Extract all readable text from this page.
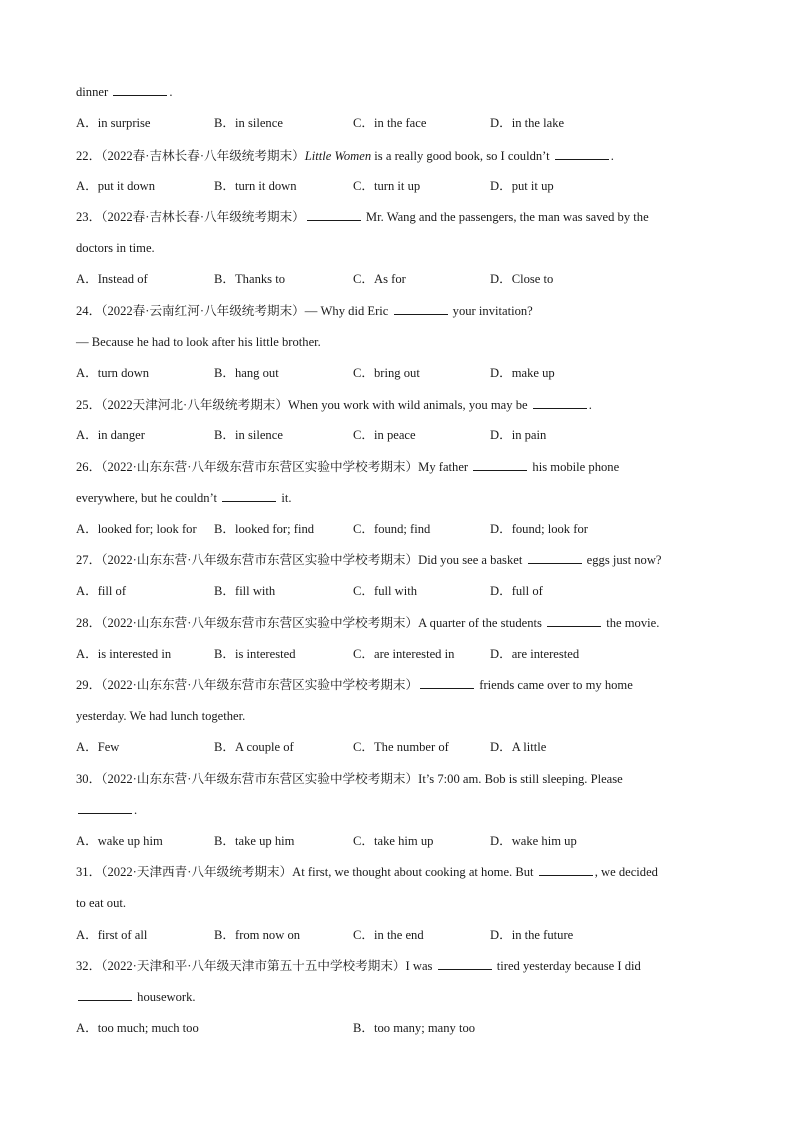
dinner	.
A．in surprise	B．in silence	C．in the face	D．in the lake
22．（2022春·吉林长春·八年级统考期末）Little Women is a really good book, so I couldn’t	.
A．put it down	B．turn it down	C．turn it up	D．put it up
23．（2022春·吉林长春·八年级统考期末）	Mr. Wang and the passengers, the man was saved by the
doctors in time.
A．Instead of	B．Thanks to	C．As for	D．Close to
24．（2022春·云南红河·八年级统考期末）— Why did Eric	your invitation?
— Because he had to look after his little brother.
A．turn down	B．hang out	C．bring out	D．make up
25．（2022天津河北·八年级统考期末）When you work with wild animals, you may be	.
A．in danger	B．in silence	C．in peace	D．in pain
26．（2022·山东东营·八年级东营市东营区实验中学校考期末）My father	his mobile phone
everywhere, but he couldn’t	it.
A．looked for; look for B．looked for; find	C．found; find	D．found; look for
27．（2022·山东东营·八年级东营市东营区实验中学校考期末）Did you see a basket	eggs just now?
A．fill of	B．fill with	C．full with	D．full of
28．（2022·山东东营·八年级东营市东营区实验中学校考期末）A quarter of the students	the movie.
A．is interested in	B．is interested	C．are interested in	D．are interested
29．（2022·山东东营·八年级东营市东营区实验中学校考期末）	friends came over to my home
yesterday. We had lunch together.
A．Few	B．A couple of	C．The number of	D．A little
30．（2022·山东东营·八年级东营市东营区实验中学校考期末）It’s 7:00 am. Bob is still sleeping. Please
.
A．wake up him	B．take up him	C．take him up	D．wake him up
31．（2022·天津西青·八年级统考期末）At first, we thought about cooking at home. But	, we decided
to eat out.
A．first of all	B．from now on	C．in the end	D．in the future
32．（2022·天津和平·八年级天津市第五十五中学校考期末）I was	tired yesterday because I did
housework.
A．too much; much too	B．too many; many too
